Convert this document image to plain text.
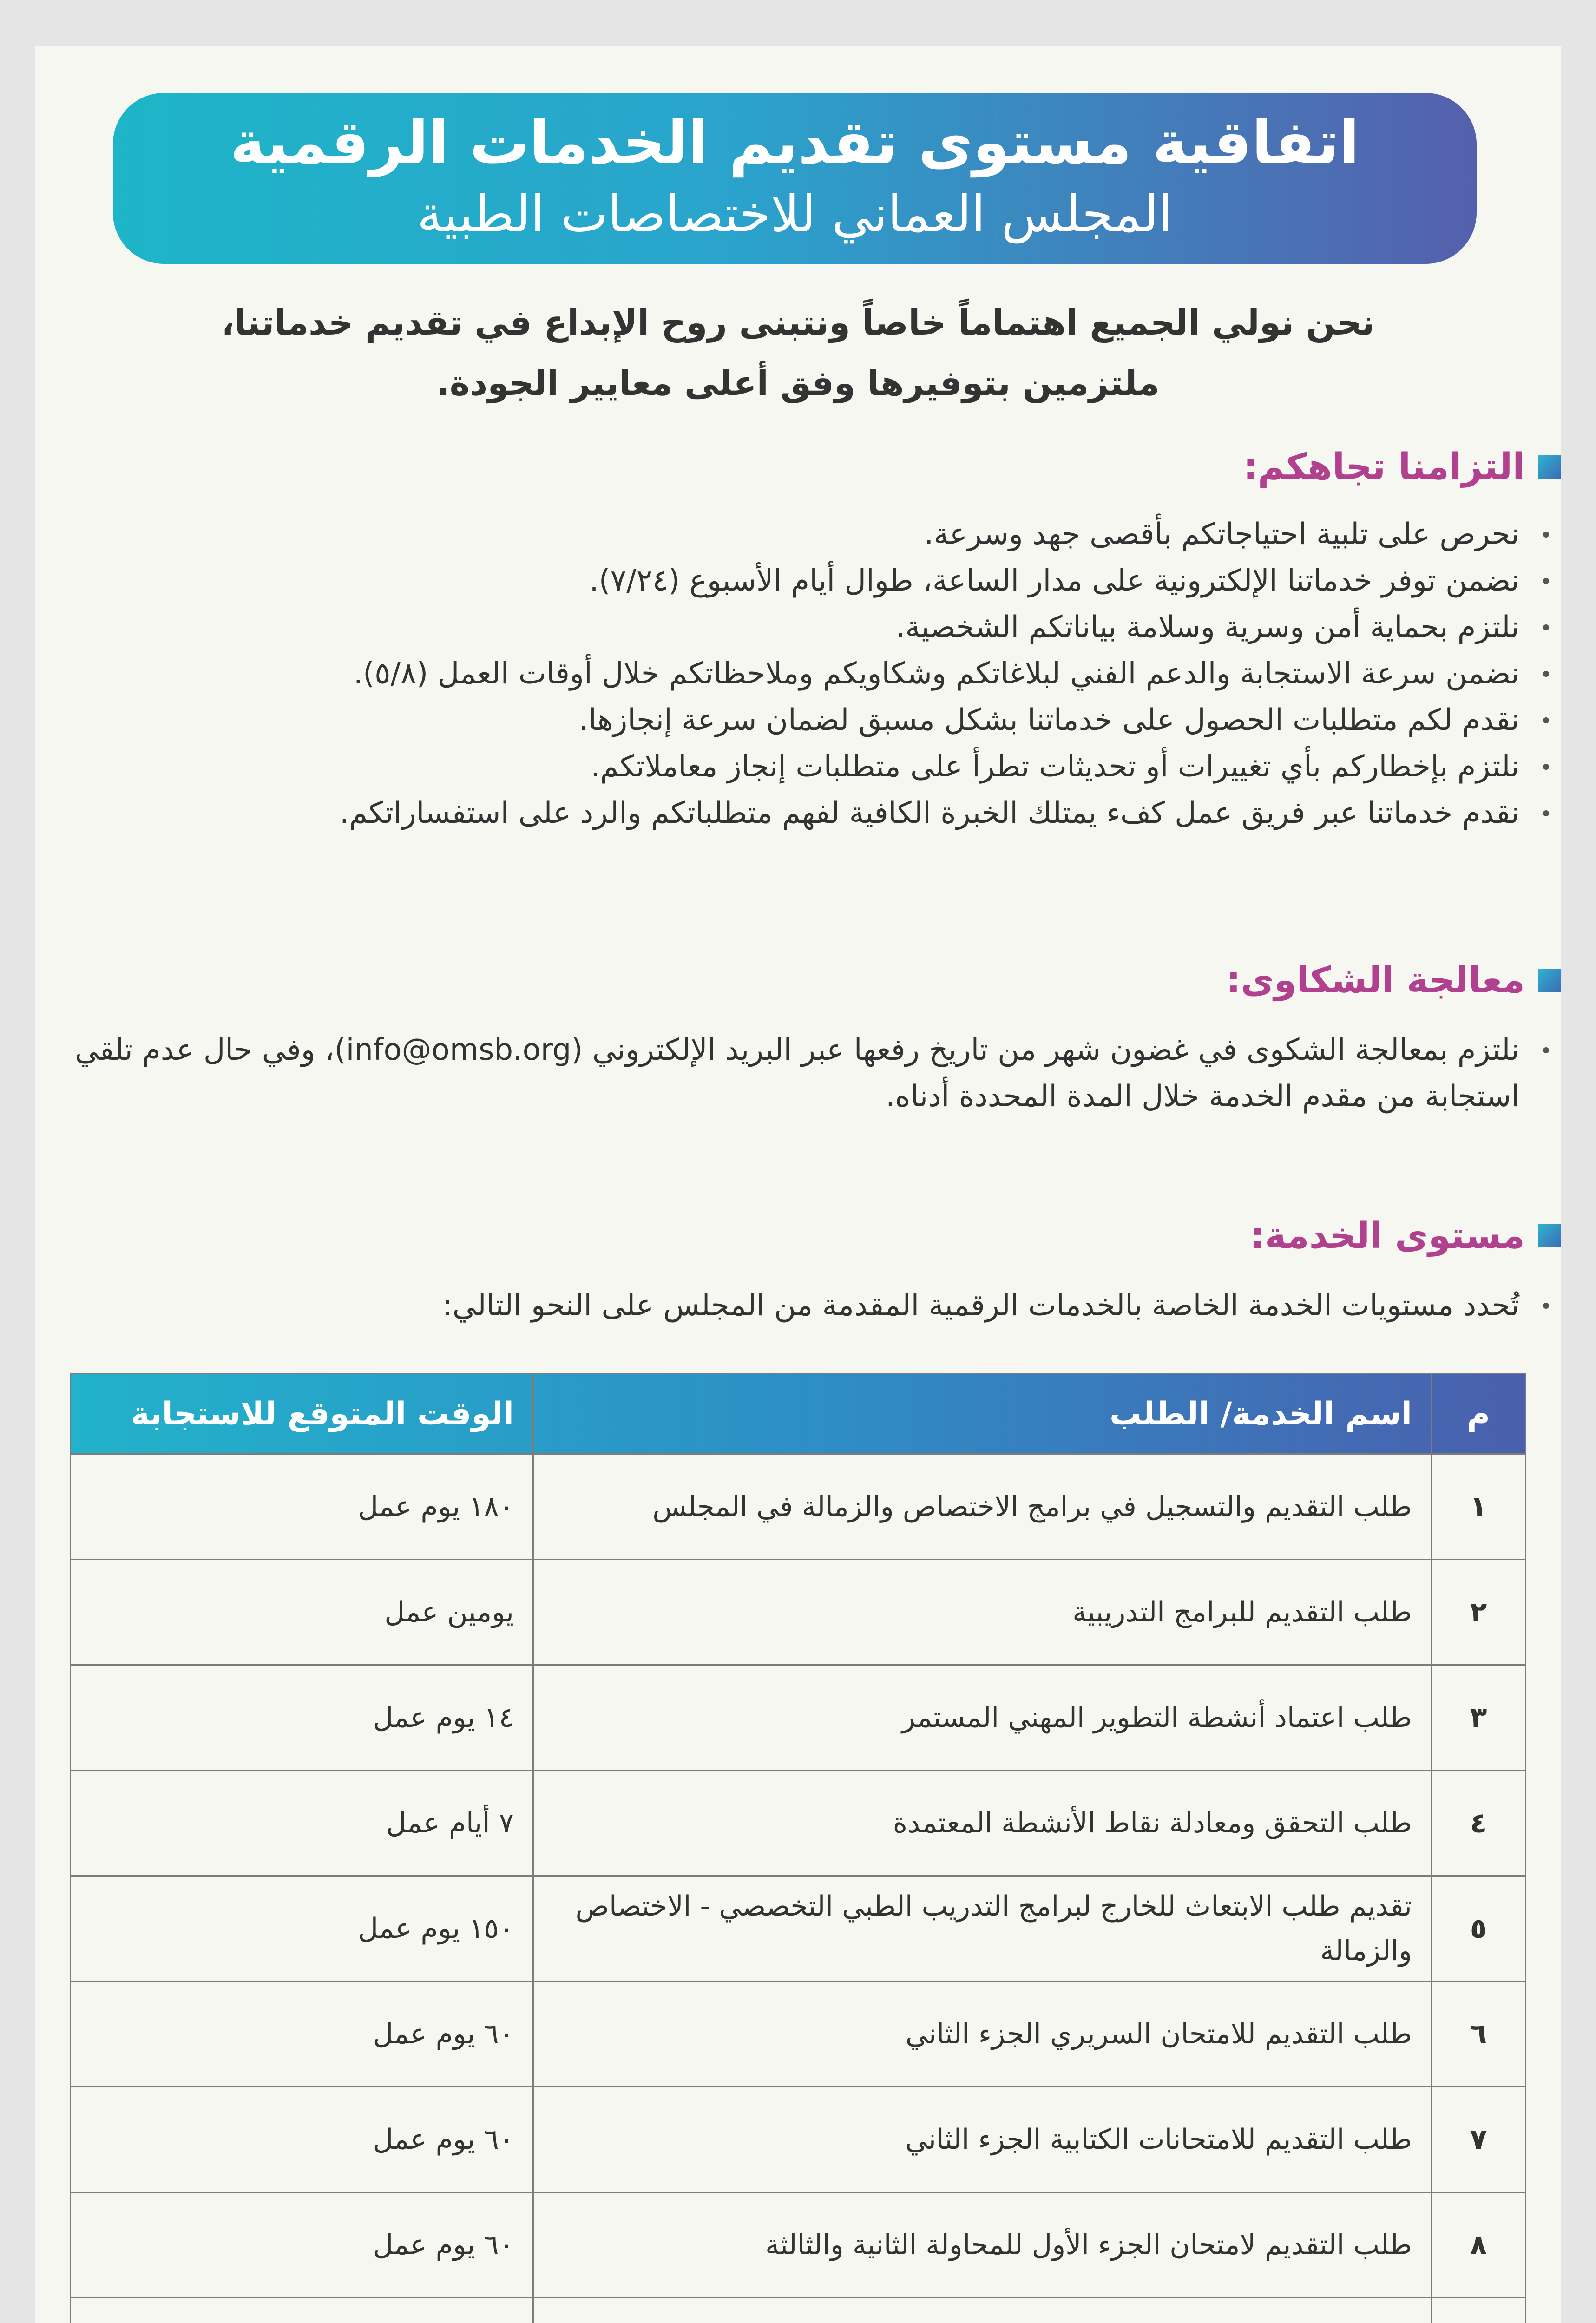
اتفاقية مستوى تقديم الخدمات الرقمية
المجلس العماني للاختصاصات الطبية
نحن نولي الجميع اهتماماً خاصاً ونتبنى روح الإبداع في تقديم خدماتنا،
ملتزمين بتوفيرها وفق أعلى معايير الجودة.
التزامنا تجاهكم:
نحرص على تلبية احتياجاتكم بأقصى جهد وسرعة.
نضمن توفر خدماتنا الإلكترونية على مدار الساعة، طوال أيام الأسبوع (٧/٢٤).
نلتزم بحماية أمن وسرية وسلامة بياناتكم الشخصية.
نضمن سرعة الاستجابة والدعم الفني لبلاغاتكم وشكاويكم وملاحظاتكم خلال أوقات العمل (٥/٨).
نقدم لكم متطلبات الحصول على خدماتنا بشكل مسبق لضمان سرعة إنجازها.
نلتزم بإخطاركم بأي تغييرات أو تحديثات تطرأ على متطلبات إنجاز معاملاتكم.
نقدم خدماتنا عبر فريق عمل كفء يمتلك الخبرة الكافية لفهم متطلباتكم والرد على استفساراتكم.
معالجة الشكاوى:
نلتزم بمعالجة الشكوى في غضون شهر من تاريخ رفعها عبر البريد الإلكتروني (info@omsb.org)، وفي حال عدم تلقي استجابة من مقدم الخدمة خلال المدة المحددة أدناه.
مستوى الخدمة:
تُحدد مستويات الخدمة الخاصة بالخدمات الرقمية المقدمة من المجلس على النحو التالي:
م	اسم الخدمة/ الطلب	الوقت المتوقع للاستجابة
١	طلب التقديم والتسجيل في برامج الاختصاص والزمالة في المجلس	١٨٠ يوم عمل
٢	طلب التقديم للبرامج التدريبية	يومين عمل
٣	طلب اعتماد أنشطة التطوير المهني المستمر	١٤ يوم عمل
٤	طلب التحقق ومعادلة نقاط الأنشطة المعتمدة	٧ أيام عمل
٥	تقديم طلب الابتعاث للخارج لبرامج التدريب الطبي التخصصي - الاختصاص والزمالة	١٥٠ يوم عمل
٦	طلب التقديم للامتحان السريري الجزء الثاني	٦٠ يوم عمل
٧	طلب التقديم للامتحانات الكتابية الجزء الثاني	٦٠ يوم عمل
٨	طلب التقديم لامتحان الجزء الأول للمحاولة الثانية والثالثة	٦٠ يوم عمل
